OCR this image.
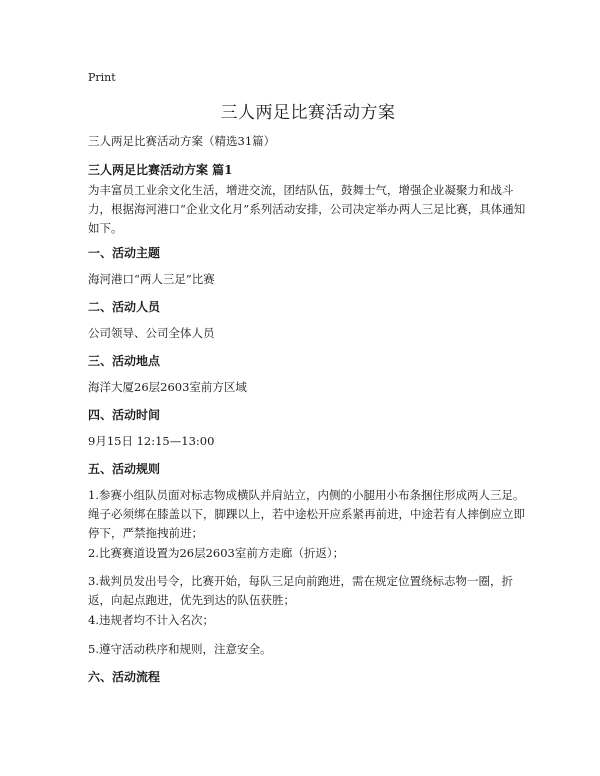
Print
三人两足比赛活动方案

三人两足比赛活动方案（精选31篇）

三人两足比赛活动方案 篇1

为丰富员工业余文化生活，增进交流，团结队伍，鼓舞士气，增强企业凝聚力和战斗力，根据海河港口“企业文化月”系列活动安排，公司决定举办两人三足比赛，具体通知如下。

一、活动主题

海河港口“两人三足”比赛

二、活动人员

公司领导、公司全体人员

三、活动地点

海洋大厦26层2603室前方区域

四、活动时间

9月15日 12:15—13:00

五、活动规则

1.参赛小组队员面对标志物成横队并肩站立，内侧的小腿用小布条捆住形成两人三足。绳子必须绑在膝盖以下，脚踝以上，若中途松开应系紧再前进，中途若有人摔倒应立即停下，严禁拖拽前进；

2.比赛赛道设置为26层2603室前方走廊（折返）；

3.裁判员发出号令，比赛开始，每队三足向前跑进，需在规定位置绕标志物一圈，折返，向起点跑进，优先到达的队伍获胜；

4.违规者均不计入名次；

5.遵守活动秩序和规则，注意安全。

六、活动流程
